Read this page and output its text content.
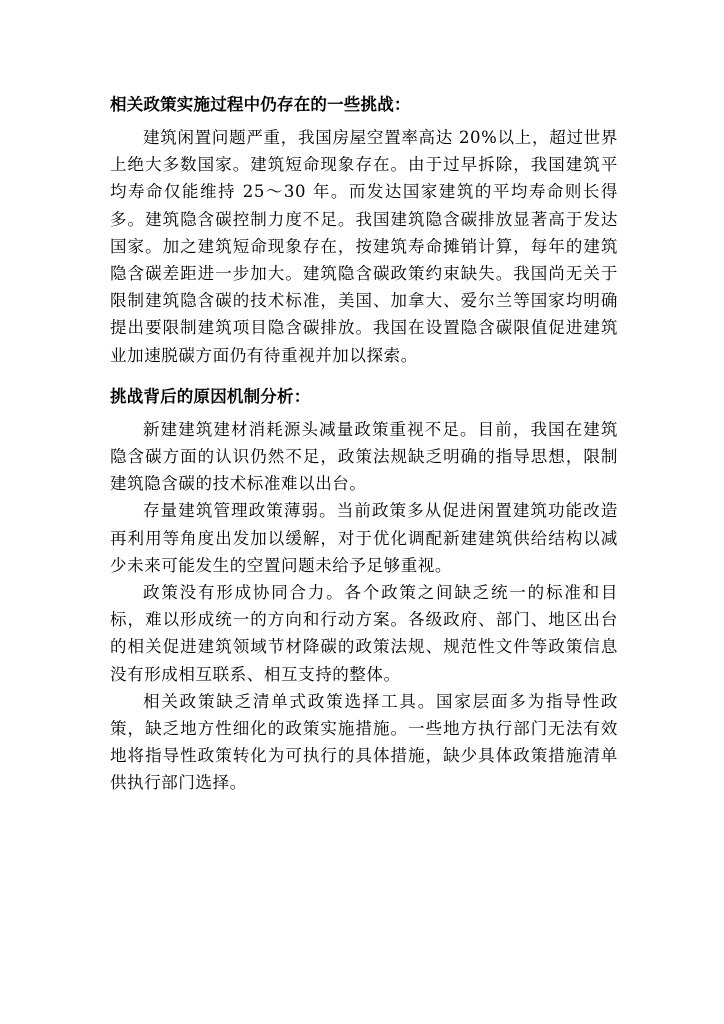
相关政策实施过程中仍存在的一些挑战：

建筑闲置问题严重，我国房屋空置率高达 20%以上，超过世界上绝大多数国家。建筑短命现象存在。由于过早拆除，我国建筑平均寿命仅能维持 25～30 年。而发达国家建筑的平均寿命则长得多。建筑隐含碳控制力度不足。我国建筑隐含碳排放显著高于发达国家。加之建筑短命现象存在，按建筑寿命摊销计算，每年的建筑隐含碳差距进一步加大。建筑隐含碳政策约束缺失。我国尚无关于限制建筑隐含碳的技术标准，美国、加拿大、爱尔兰等国家均明确提出要限制建筑项目隐含碳排放。我国在设置隐含碳限值促进建筑业加速脱碳方面仍有待重视并加以探索。

挑战背后的原因机制分析：

新建建筑建材消耗源头减量政策重视不足。目前，我国在建筑隐含碳方面的认识仍然不足，政策法规缺乏明确的指导思想，限制建筑隐含碳的技术标准难以出台。

存量建筑管理政策薄弱。当前政策多从促进闲置建筑功能改造再利用等角度出发加以缓解，对于优化调配新建建筑供给结构以减少未来可能发生的空置问题未给予足够重视。

政策没有形成协同合力。各个政策之间缺乏统一的标准和目标，难以形成统一的方向和行动方案。各级政府、部门、地区出台的相关促进建筑领域节材降碳的政策法规、规范性文件等政策信息没有形成相互联系、相互支持的整体。

相关政策缺乏清单式政策选择工具。国家层面多为指导性政策，缺乏地方性细化的政策实施措施。一些地方执行部门无法有效地将指导性政策转化为可执行的具体措施，缺少具体政策措施清单供执行部门选择。
